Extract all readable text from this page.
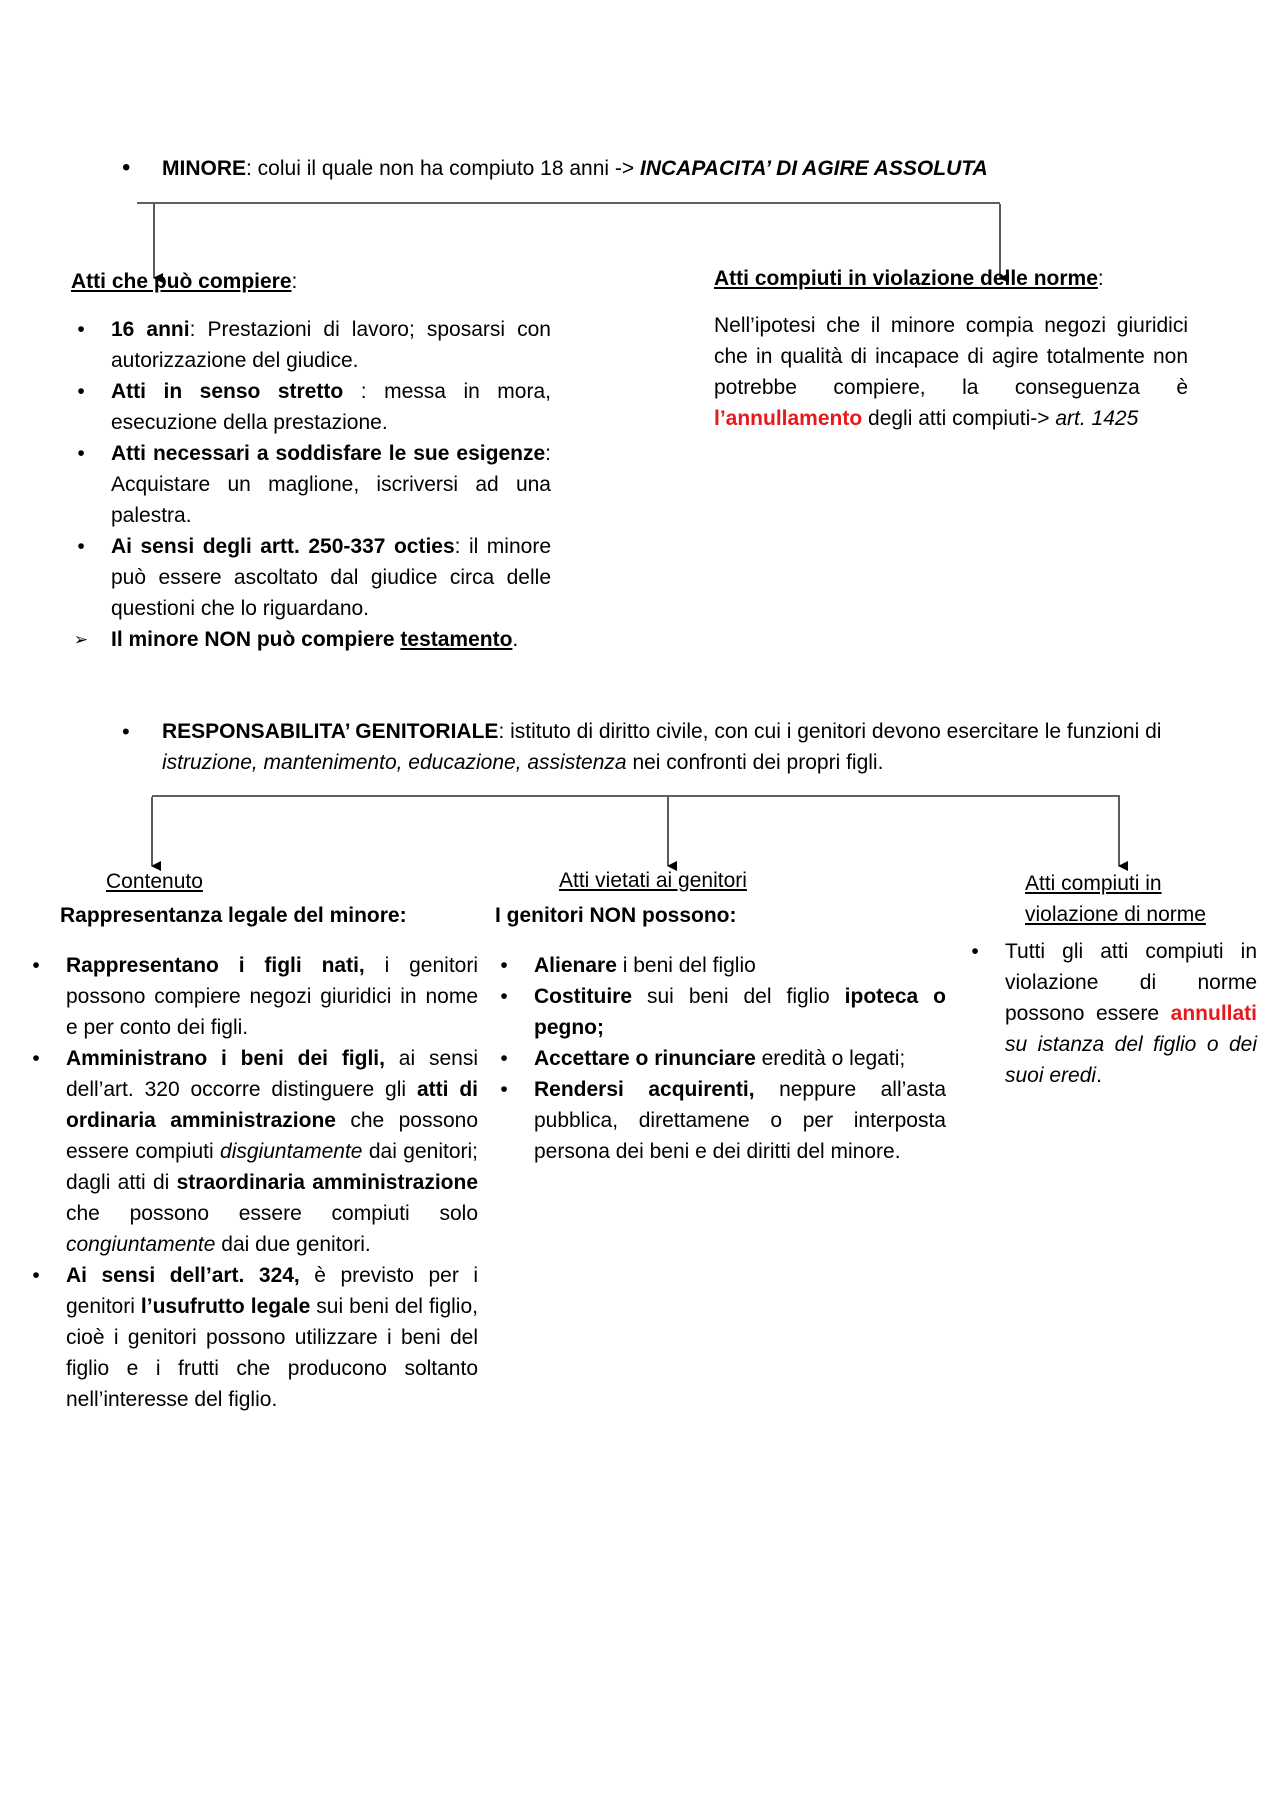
• MINORE: colui il quale non ha compiuto 18 anni -> INCAPACITA’ DI AGIRE ASSOLUTA
Atti che può compiere:
•	16 anni: Prestazioni di lavoro; sposarsi con autorizzazione del giudice.
•	Atti in senso stretto : messa in mora, esecuzione della prestazione.
•	Atti necessari a soddisfare le sue esigenze: Acquistare un maglione, iscriversi ad una palestra.
•	Ai sensi degli artt. 250-337 octies: il minore può essere ascoltato dal giudice circa delle questioni che lo riguardano.
➢ Il minore NON può compiere testamento.
Atti compiuti in violazione delle norme:
Nell’ipotesi che il minore compia negozi giuridici che in qualità di incapace di agire totalmente non potrebbe compiere, la conseguenza è l’annullamento degli atti compiuti-> art. 1425
•	RESPONSABILITA’ GENITORIALE: istituto di diritto civile, con cui i genitori devono esercitare le funzioni di istruzione, mantenimento, educazione, assistenza nei confronti dei propri figli.
Contenuto
Rappresentanza legale del minore:
•	Rappresentano i figli nati, i genitori possono compiere negozi giuridici in nome e per conto dei figli.
•	Amministrano i beni dei figli, ai sensi dell’art. 320 occorre distinguere gli atti di ordinaria amministrazione che possono essere compiuti disgiuntamente dai genitori; dagli atti di straordinaria amministrazione che possono essere compiuti solo congiuntamente dai due genitori.
•	Ai sensi dell’art. 324, è previsto per i genitori l’usufrutto legale sui beni del figlio, cioè i genitori possono utilizzare i beni del figlio e i frutti che producono soltanto nell’interesse del figlio.
Atti vietati ai genitori
I genitori NON possono:
•	Alienare i beni del figlio
•	Costituire sui beni del figlio ipoteca o pegno;
•	Accettare o rinunciare eredità o legati;
•	Rendersi acquirenti, neppure all’asta pubblica, direttamene o per interposta persona dei beni e dei diritti del minore.
Atti compiuti in violazione di norme
•	Tutti gli atti compiuti in violazione di norme possono essere annullati su istanza del figlio o dei suoi eredi.
